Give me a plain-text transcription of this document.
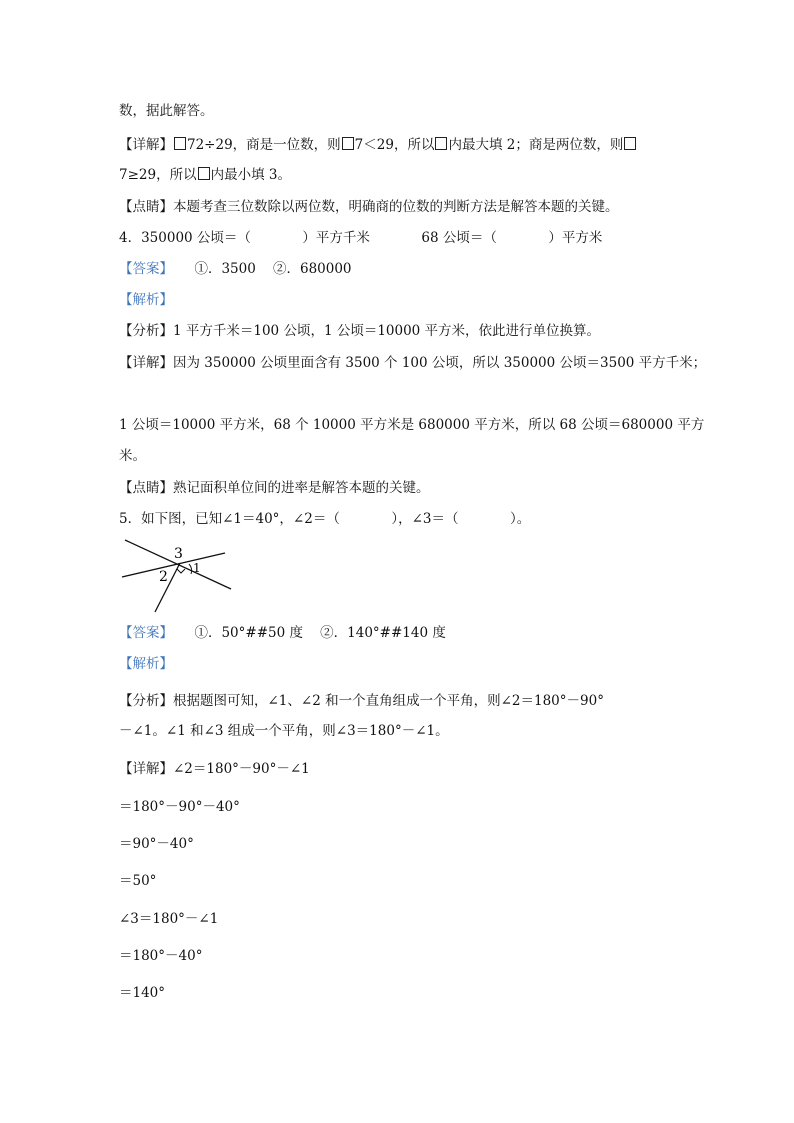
数，据此解答。
【详解】 72÷29，商是一位数，则 7＜29，所以 内最大填 2；商是两位数，则
7≥29，所以 内最小填 3。
【点睛】本题考查三位数除以两位数，明确商的位数的判断方法是解答本题的关键。
4．350000 公顷＝（            ）平方千米            68 公顷＝（            ）平方米
【答案】     ①．3500    ②．680000
【解析】
【分析】1 平方千米＝100 公顷，1 公顷＝10000 平方米，依此进行单位换算。
【详解】因为 350000 公顷里面含有 3500 个 100 公顷，所以 350000 公顷＝3500 平方千米；
1 公顷＝10000 平方米，68 个 10000 平方米是 680000 平方米，所以 68 公顷＝680000 平方
米。
【点睛】熟记面积单位间的进率是解答本题的关键。
5．如下图，已知∠1＝40°，∠2＝（            ），∠3＝（            ）。
3
2
1
【答案】     ①．50°##50 度    ②．140°##140 度
【解析】
【分析】根据题图可知，∠1、∠2 和一个直角组成一个平角，则∠2＝180°－90°
－∠1。∠1 和∠3 组成一个平角，则∠3＝180°－∠1。
【详解】∠2＝180°－90°－∠1
＝180°－90°－40°
＝90°－40°
＝50°
∠3＝180°－∠1
＝180°－40°
＝140°
